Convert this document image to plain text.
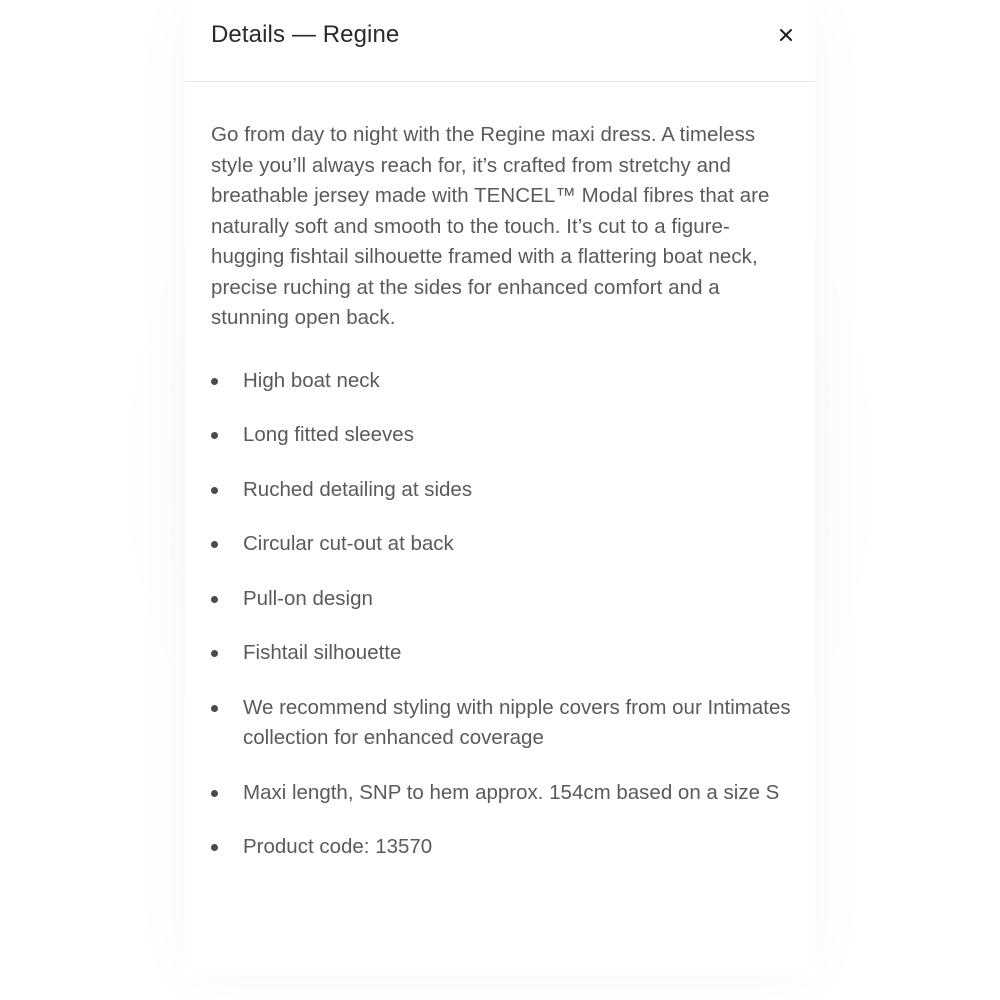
Details — Regine

Go from day to night with the Regine maxi dress. A timeless style you’ll always reach for, it’s crafted from stretchy and breathable jersey made with TENCEL™ Modal fibres that are naturally soft and smooth to the touch. It’s cut to a figure-hugging fishtail silhouette framed with a flattering boat neck, precise ruching at the sides for enhanced comfort and a stunning open back.

High boat neck
Long fitted sleeves
Ruched detailing at sides
Circular cut-out at back
Pull-on design
Fishtail silhouette
We recommend styling with nipple covers from our Intimates collection for enhanced coverage
Maxi length, SNP to hem approx. 154cm based on a size S
Product code: 13570
